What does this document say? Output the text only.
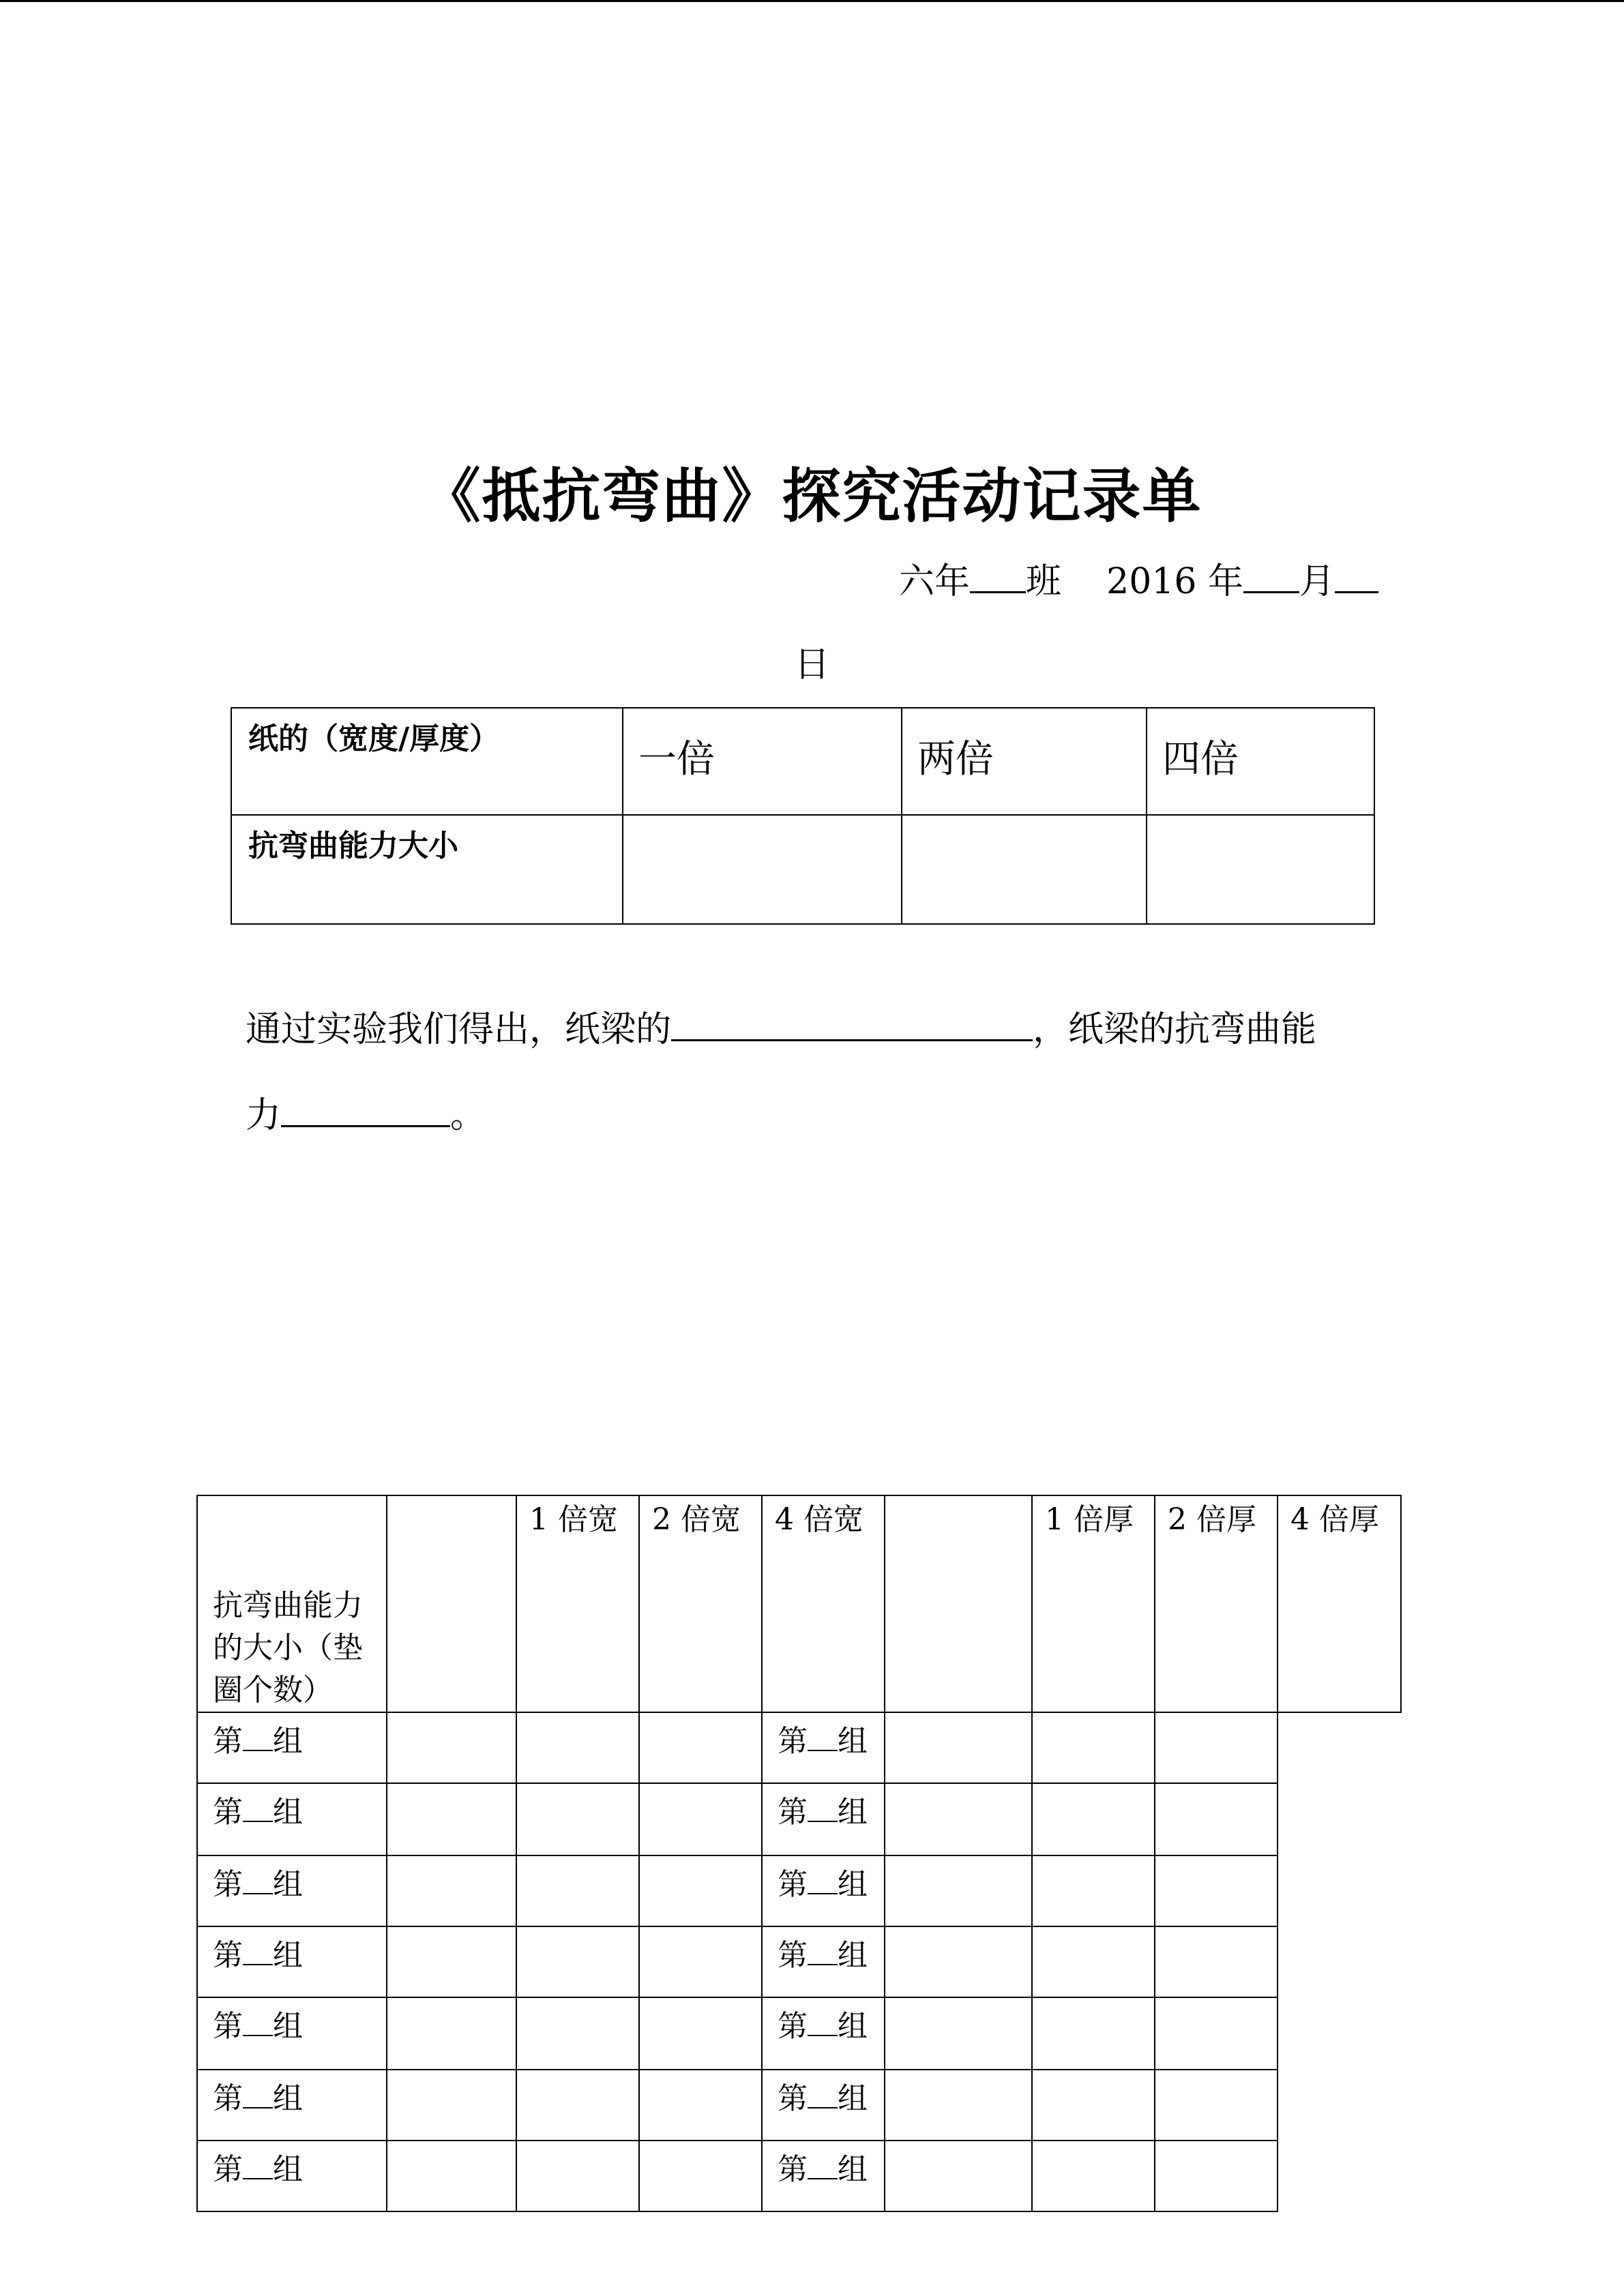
《抵抗弯曲》探究活动记录单
六年 班 2016 年 月
日
纸的（宽度/厚度）	一倍	两倍	四倍
抗弯曲能力大小			
通过实验我们得出，纸梁的	，纸梁的抗弯曲能
力	。
抗弯曲能力的大小（垫圈个数）		1 倍宽	2 倍宽	4 倍宽		1 倍厚	2 倍厚	4 倍厚
第 组				第 组				
第 组				第 组				
第 组				第 组				
第 组				第 组				
第 组				第 组				
第 组				第 组				
第 组				第 组				
